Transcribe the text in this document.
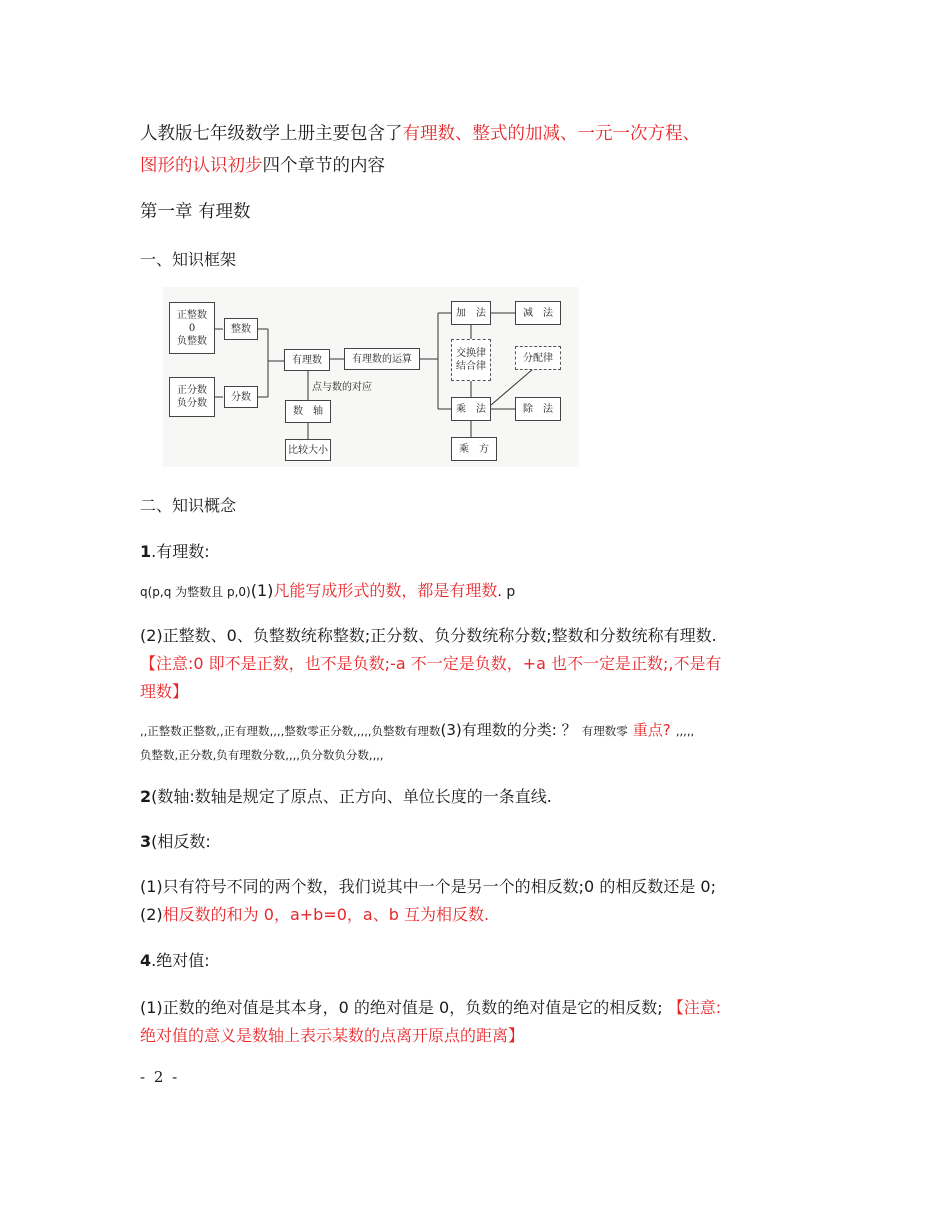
人教版七年级数学上册主要包含了有理数、整式的加减、一元一次方程、
图形的认识初步四个章节的内容
第一章 有理数
一、知识框架
正整数
0
负整数
整数
正分数
负分数
分数
有理数	有理数的运算
点与数的对应
数　轴
比较大小
加　法	减　法
交换律
结合律
分配律
乘　法	除　法
乘　方
二、知识概念
1.有理数:
q(p,q 为整数且 p,0)(1)凡能写成形式的数，都是有理数. p
(2)正整数、0、负整数统称整数;正分数、负分数统称分数;整数和分数统称有理数.
【注意:0 即不是正数，也不是负数;-a 不一定是负数，+a 也不一定是正数;,不是有
理数】
,,正整数正整数,,正有理数,,,,整数零正分数,,,,,负整数有理数(3)有理数的分类: ？ 有理数零 重点? ,,,,,
负整数,正分数,负有理数分数,,,,负分数负分数,,,,
2(数轴:数轴是规定了原点、正方向、单位长度的一条直线.
3(相反数:
(1)只有符号不同的两个数，我们说其中一个是另一个的相反数;0 的相反数还是 0;
(2)相反数的和为 0，a+b=0，a、b 互为相反数.
4.绝对值:
(1)正数的绝对值是其本身，0 的绝对值是 0，负数的绝对值是它的相反数; 【注意:
绝对值的意义是数轴上表示某数的点离开原点的距离】
- 2 -
